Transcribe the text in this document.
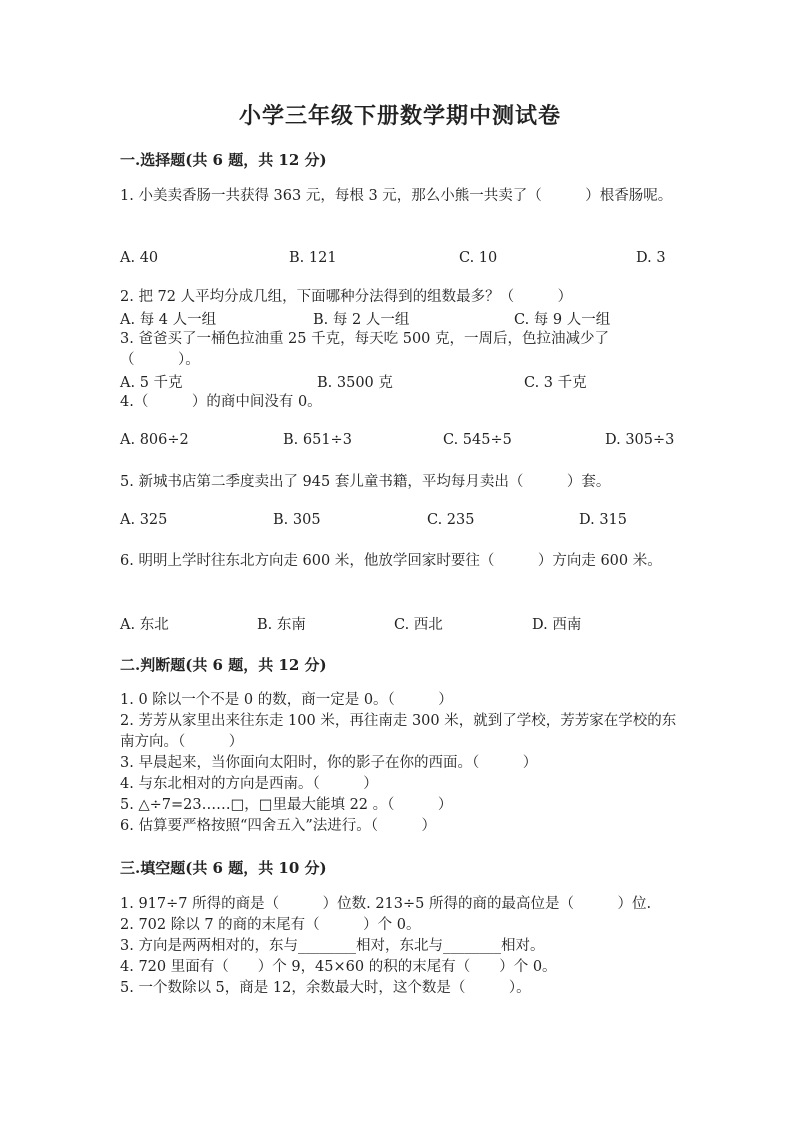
小学三年级下册数学期中测试卷
一.选择题(共 6 题，共 12 分)
1. 小美卖香肠一共获得 363 元，每根 3 元，那么小熊一共卖了（　　　）根香肠呢。
A. 40	B. 121	C. 10	D. 3
2. 把 72 人平均分成几组，下面哪种分法得到的组数最多？（　　　）
A. 每 4 人一组	B. 每 2 人一组	C. 每 9 人一组
3. 爸爸买了一桶色拉油重 25 千克，每天吃 500 克，一周后，色拉油减少了（　　　）。
A. 5 千克	B. 3500 克	C. 3 千克
4.（　　　）的商中间没有 0。
A. 806÷2	B. 651÷3	C. 545÷5	D. 305÷3
5. 新城书店第二季度卖出了 945 套儿童书籍，平均每月卖出（　　　）套。
A. 325	B. 305	C. 235	D. 315
6. 明明上学时往东北方向走 600 米，他放学回家时要往（　　　）方向走 600 米。
A. 东北	B. 东南	C. 西北	D. 西南
二.判断题(共 6 题，共 12 分)
1. 0 除以一个不是 0 的数，商一定是 0。（　　　）
2. 芳芳从家里出来往东走 100 米，再往南走 300 米，就到了学校，芳芳家在学校的东南方向。（　　　）
3. 早晨起来，当你面向太阳时，你的影子在你的西面。（　　　）
4. 与东北相对的方向是西南。（　　　）
5. △÷7=23……□，□里最大能填 22 。（　　　）
6. 估算要严格按照“四舍五入”法进行。（　　　）
三.填空题(共 6 题，共 10 分)
1. 917÷7 所得的商是（　　　）位数. 213÷5 所得的商的最高位是（　　　）位.
2. 702 除以 7 的商的末尾有（　　　）个 0。
3. 方向是两两相对的，东与________相对，东北与________相对。
4. 720 里面有（　　）个 9，45×60 的积的末尾有（　　）个 0。
5. 一个数除以 5，商是 12，余数最大时，这个数是（　　　）。
